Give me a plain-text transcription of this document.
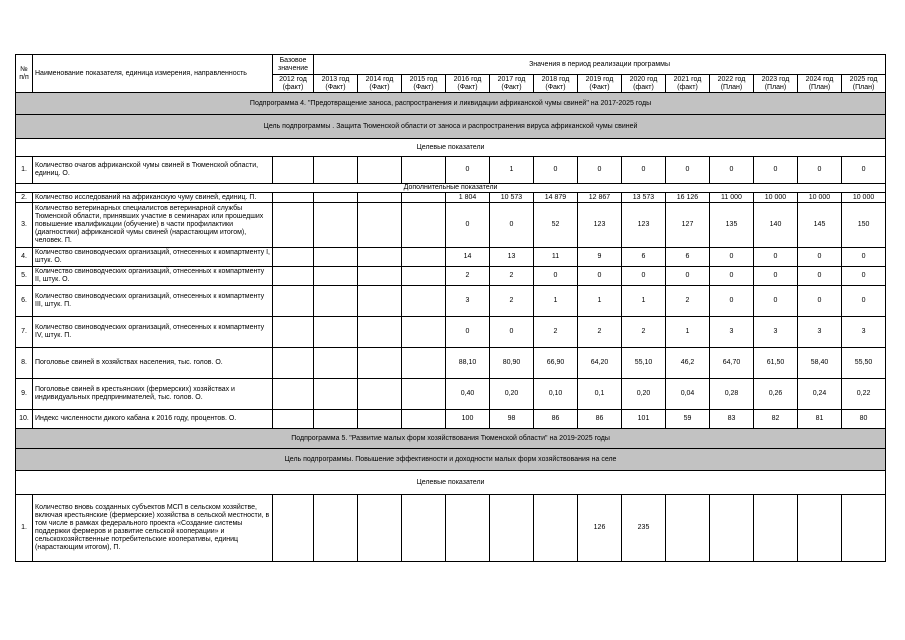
№ п/п	Наименование показателя, единица измерения, направленность	Базовое значение	Значения в период реализации программы												
		2012 год (факт)	2013 год (Факт)	2014 год (Факт)	2015 год (Факт)	2016 год (Факт)	2017 год (Факт)	2018 год (Факт)	2019 год (Факт)	2020 год (факт)	2021 год (факт)	2022 год (План)	2023 год (План)	2024 год (План)	2025 год (План)
Подпрограмма 4. "Предотвращение заноса, распространения и ликвидации африканской чумы свиней" на 2017-2025 годы															
Цель подпрограммы . Защита Тюменской области от заноса и распространения вируса африканской чумы свиней															
Целевые показатели															
1.	Количество очагов африканской чумы свиней в Тюменской области, единиц. О.					0	1	0	0	0	0	0	0	0	0
Дополнительные показатели															
2.	Количество исследований на африканскую чуму свиней, единиц. П.					1 804	10 573	14 879	12 867	13 573	16 126	11 000	10 000	10 000	10 000
3.	Количество ветеринарных специалистов ветеринарной службы Тюменской области, принявших участие в семинарах или прошедших повышение квалификации (обучение) в части профилактики (диагностики) африканской чумы свиней (нарастающим итогом), человек. П.					0	0	52	123	123	127	135	140	145	150
4.	Количество свиноводческих организаций, отнесенных к компартменту I, штук. О.					14	13	11	9	6	6	0	0	0	0
5.	Количество свиноводческих организаций, отнесенных к компартменту II, штук. О.					2	2	0	0	0	0	0	0	0	0
6.	Количество свиноводческих организаций, отнесенных к компартменту III, штук. П.					3	2	1	1	1	2	0	0	0	0
7.	Количество свиноводческих организаций, отнесенных к компартменту IV, штук. П.					0	0	2	2	2	1	3	3	3	3
8.	Поголовье свиней в хозяйствах населения, тыс. голов. О.					88,10	80,90	66,90	64,20	55,10	46,2	64,70	61,50	58,40	55,50
9.	Поголовье свиней в крестьянских (фермерских) хозяйствах и индивидуальных предпринимателей, тыс. голов. О.					0,40	0,20	0,10	0,1	0,20	0,04	0,28	0,26	0,24	0,22
10.	Индекс численности дикого кабана к 2016 году, процентов. О.					100	98	86	86	101	59	83	82	81	80
Подпрограмма 5. "Развитие малых форм хозяйствования Тюменской области" на 2019-2025 годы															
Цель подпрограммы. Повышение эффективности и доходности малых форм хозяйствования на селе															
Целевые показатели															
1.	Количество вновь созданных субъектов МСП в сельском хозяйстве, включая крестьянские (фермерские) хозяйства в сельской местности, в том числе в рамках федерального проекта «Создание системы поддержки фермеров и развитие сельской кооперации» и сельскохозяйственные потребительские кооперативы, единиц (нарастающим итогом), П.								126	235					
